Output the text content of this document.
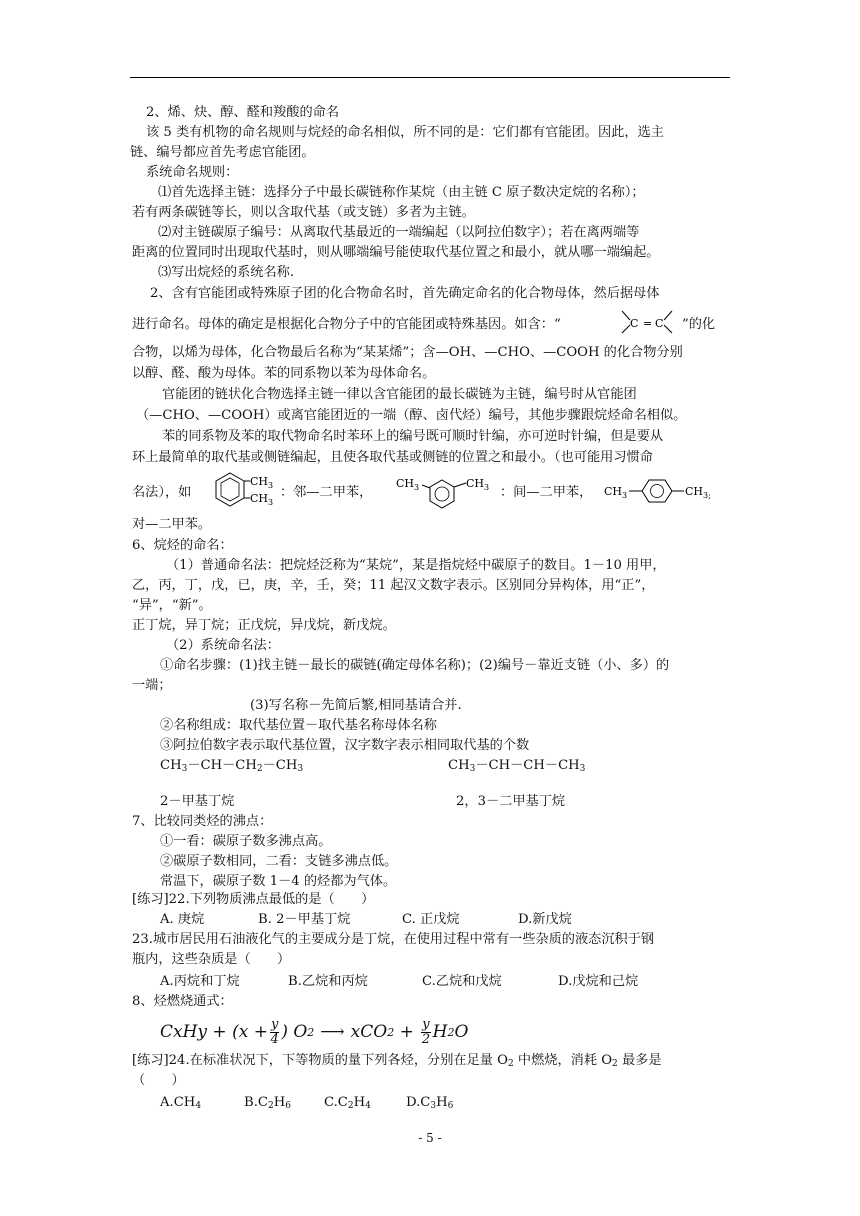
2、烯、炔、醇、醛和羧酸的命名
该 5 类有机物的命名规则与烷烃的命名相似，所不同的是：它们都有官能团。因此，选主
链、编号都应首先考虑官能团。
系统命名规则：
⑴首先选择主链：选择分子中最长碳链称作某烷（由主链 C 原子数决定烷的名称）；
若有两条碳链等长，则以含取代基（或支链）多者为主链。
⑵对主链碳原子编号：从离取代基最近的一端编起（以阿拉伯数字）；若在离两端等
距离的位置同时出现取代基时，则从哪端编号能使取代基位置之和最小，就从哪一端编起。
⑶写出烷烃的系统名称.
2、含有官能团或特殊原子团的化合物命名时，首先确定命名的化合物母体，然后据母体
进行命名。母体的确定是根据化合物分子中的官能团或特殊基因。如含：“	C = C ”的化
合物，以烯为母体，化合物最后名称为“某某烯”；含—OH、—CHO、—COOH 的化合物分别
以醇、醛、酸为母体。苯的同系物以苯为母体命名。
官能团的链状化合物选择主链一律以含官能团的最长碳链为主链，编号时从官能团
（—CHO、—COOH）或离官能团近的一端（醇、卤代烃）编号，其他步骤跟烷烃命名相似。
苯的同系物及苯的取代物命名时苯环上的编号既可顺时针编，亦可逆时针编，但是要从
环上最简单的取代基或侧链编起，且使各取代基或侧链的位置之和最小。（也可能用习惯命
名法），如
$CH_3$
$CH_3$
：邻—二甲苯，
$CH_3$	$CH_3$ ：间—二甲苯， $CH_3$	$CH_{3;}$
对—二甲苯。
6、烷烃的命名：
（1）普通命名法：把烷烃泛称为“某烷”，某是指烷烃中碳原子的数目。1－10 用甲，
乙，丙，丁，戊，已，庚，辛，壬，癸；11 起汉文数字表示。区别同分异构体，用“正”，
“异”，“新”。
正丁烷，异丁烷；正戊烷，异戊烷，新戊烷。
（2）系统命名法：
①命名步骤：(1)找主链－最长的碳链(确定母体名称)；(2)编号－靠近支链（小、多）的
一端；
(3)写名称－先简后繁,相同基请合并.
②名称组成：取代基位置－取代基名称母体名称
③阿拉伯数字表示取代基位置，汉字数字表示相同取代基的个数
$CH_3-CH-CH_2-CH_3$	$CH_3-CH-CH-CH_3$
2－甲基丁烷	2，3－二甲基丁烷
7、比较同类烃的沸点：
①一看：碳原子数多沸点高。
②碳原子数相同，二看：支链多沸点低。
常温下，碳原子数 1－4 的烃都为气体。
[练习]22.下列物质沸点最低的是（　　）
A. 庚烷	B. 2－甲基丁烷	C. 正戊烷	D.新戊烷
23.城市居民用石油液化气的主要成分是丁烷，在使用过程中常有一些杂质的液态沉积于钢
瓶内，这些杂质是（　　）
A.丙烷和丁烷	B.乙烷和丙烷	C.乙烷和戊烷	D.戊烷和己烷
8、烃燃烧通式：
CxHy + ($x + \frac{y}{4}$ ) O 2 ⟶ xCO $2 + \frac{y}{2}$ H 2 O
[练习]24.在标准状况下，下等物质的量下列各烃，分别在足量 $O_2$ 中燃烧，消耗 $O_2$ 最多是
（　　）
$A.CH_4$	$B.C_2H_6$	$C.C_2H_4$	$D.C_3H_6$
- 5 -
